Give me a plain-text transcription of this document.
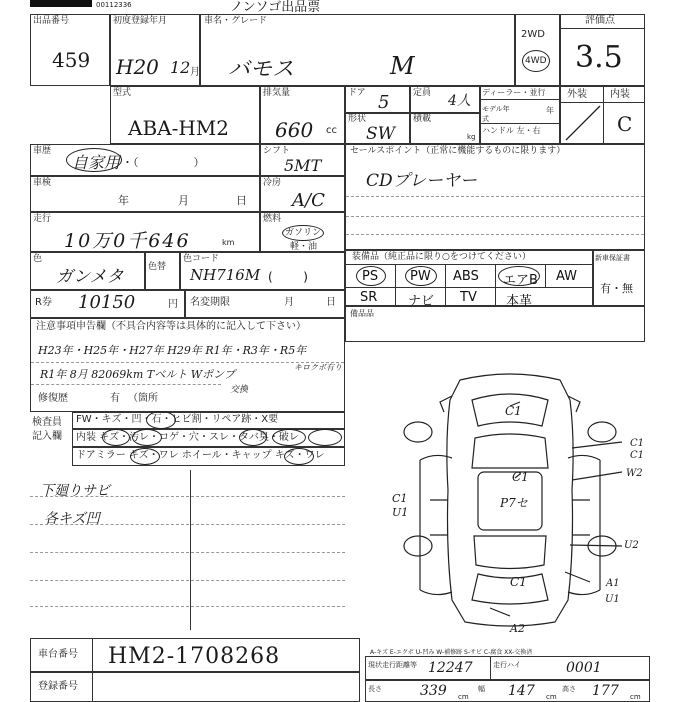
00112336	ノンソゴ出品票
出品番号
459
初度登録年月
H20 12 月
車名・グレード
バモス	M
2WD
4WD
評価点
3.5
型式
ABA-HM2
排気量
660 cc
ドア 5	定員 4人
ディーラー・並行
モデル年式
年
ハンドル 左・右
形状
SW
積載
kg
外装 内装
C
車歴
自家用 ・（　　　　　）
シフト
5MT
セールスポイント（正常に機能するものに限ります）
CDプレーヤー
車検
年	月	日
冷房
A/C
走行
10万0千646	km
燃料
ガソリン
軽・油
色
ガンメタ	色替
色コード
NH716M (        )
装備品（純正品に限り○をつけてください）
PS PW ABS エアB AW
SR ナビ TV 本革
新車保証書
有・無
R券 10150	円 名変期限	月	日
備品品
注意事項申告欄（不具合内容等は具体的に記入して下さい）
H23年・H25年・H27年 H29年 R1年・R3年・R5年
R1年 8月 82069km Tベルト Wポンプ
キロクボ有り
交換
修復歴	有 （箇所
検査員
記入欄
FW・キズ・凹・石・ヒビ割・リペア跡・X要
内装 キズ・汚レ・コゲ・穴・スレ・タバ臭・破レ
ドアミラー キズ・ワレ ホイール・キャップ キズ・ワレ
下廻りサビ
各キズ凹
C1
C1
C1
P7セ
C1
C1
U1
W2
U2
A1
A2
C1
U1
車台番号 HM2-1708268
登録番号
A-キズ E-エクボ U-凹み W-補修跡 S-サビ C-腐食 XX-交換済
現状走行距離等 12247	走行ハイ	0001
長さ	339 cm
幅 147 cm
高さ 177 cm
